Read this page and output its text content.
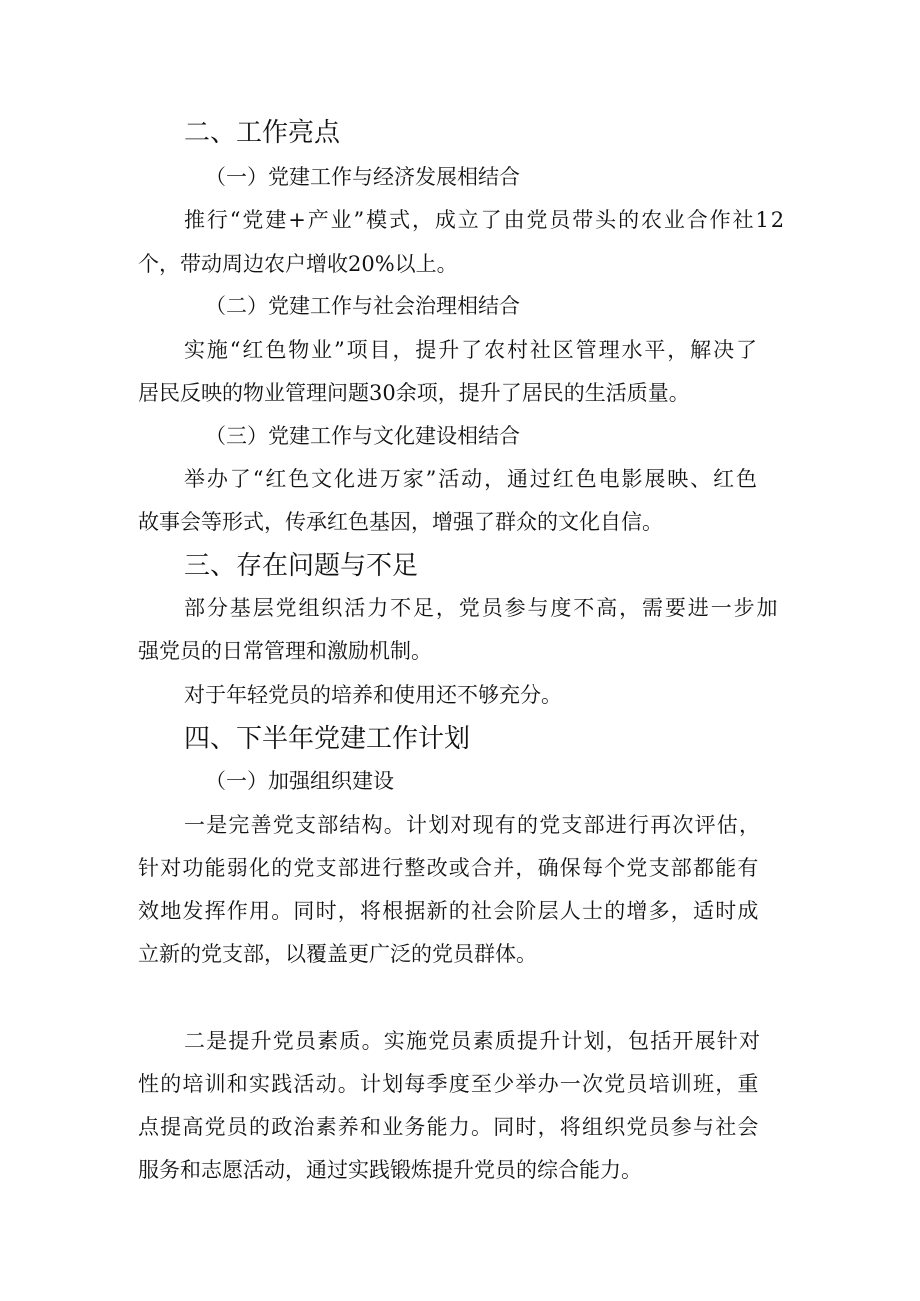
二、工作亮点

（一）党建工作与经济发展相结合

推行“党建+产业”模式，成立了由党员带头的农业合作社12

个，带动周边农户增收20%以上。

（二）党建工作与社会治理相结合

实施“红色物业”项目，提升了农村社区管理水平，解决了

居民反映的物业管理问题30余项，提升了居民的生活质量。

（三）党建工作与文化建设相结合

举办了“红色文化进万家”活动，通过红色电影展映、红色

故事会等形式，传承红色基因，增强了群众的文化自信。

三、存在问题与不足

部分基层党组织活力不足，党员参与度不高，需要进一步加

强党员的日常管理和激励机制。

对于年轻党员的培养和使用还不够充分。

四、下半年党建工作计划

（一）加强组织建设

一是完善党支部结构。计划对现有的党支部进行再次评估，

针对功能弱化的党支部进行整改或合并，确保每个党支部都能有

效地发挥作用。同时，将根据新的社会阶层人士的增多，适时成

立新的党支部，以覆盖更广泛的党员群体。

二是提升党员素质。实施党员素质提升计划，包括开展针对

性的培训和实践活动。计划每季度至少举办一次党员培训班，重

点提高党员的政治素养和业务能力。同时，将组织党员参与社会

服务和志愿活动，通过实践锻炼提升党员的综合能力。
